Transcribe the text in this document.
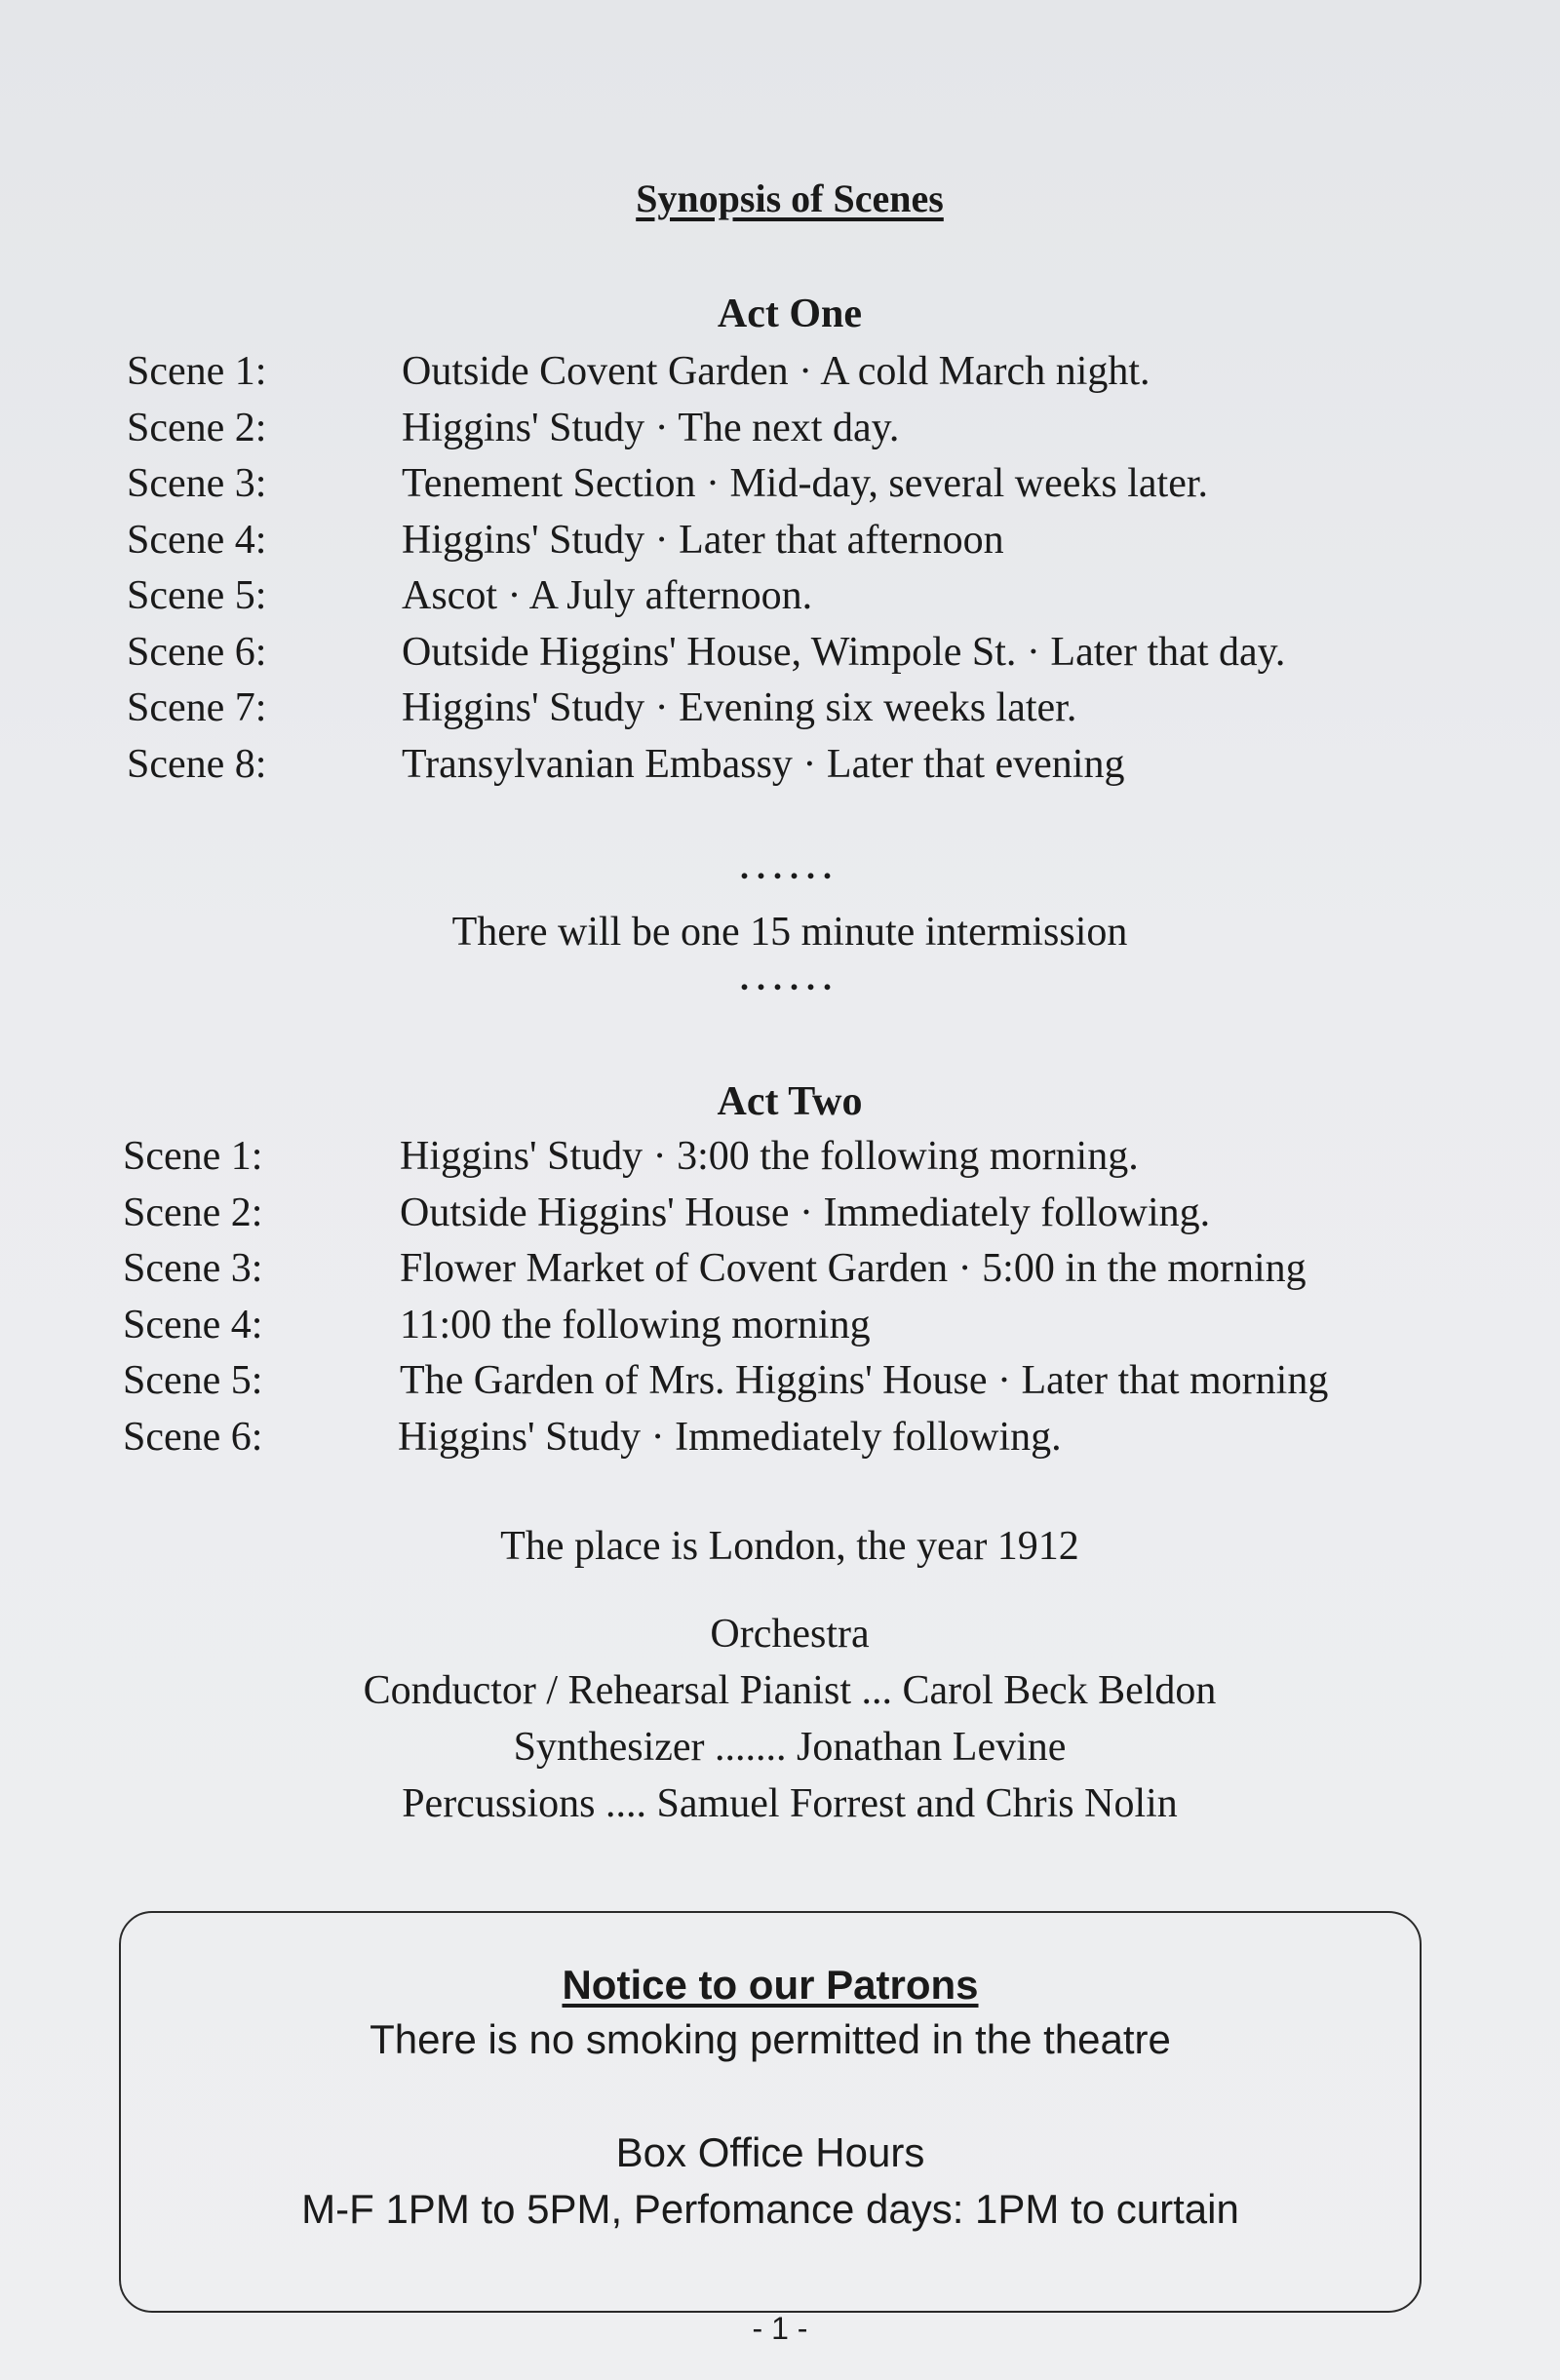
Synopsis of Scenes
Act One
Scene 1:	Outside Covent Garden · A cold March night.
Scene 2:	Higgins' Study · The next day.
Scene 3:	Tenement Section · Mid-day, several weeks later.
Scene 4:	Higgins' Study · Later that afternoon
Scene 5:	Ascot · A July afternoon.
Scene 6:	Outside Higgins' House, Wimpole St. · Later that day.
Scene 7:	Higgins' Study · Evening six weeks later.
Scene 8:	Transylvanian Embassy · Later that evening
......
There will be one 15 minute intermission
......
Act Two
Scene 1:	Higgins' Study · 3:00 the following morning.
Scene 2:	Outside Higgins' House · Immediately following.
Scene 3:	Flower Market of Covent Garden · 5:00 in the morning
Scene 4:	11:00 the following morning
Scene 5:	The Garden of Mrs. Higgins' House · Later that morning
Scene 6:	Higgins' Study · Immediately following.
The place is London, the year 1912
Orchestra
Conductor / Rehearsal Pianist ... Carol Beck Beldon
Synthesizer ....... Jonathan Levine
Percussions .... Samuel Forrest and Chris Nolin
Notice to our Patrons
There is no smoking permitted in the theatre
Box Office Hours
M-F 1PM to 5PM, Perfomance days: 1PM to curtain
- 1 -
